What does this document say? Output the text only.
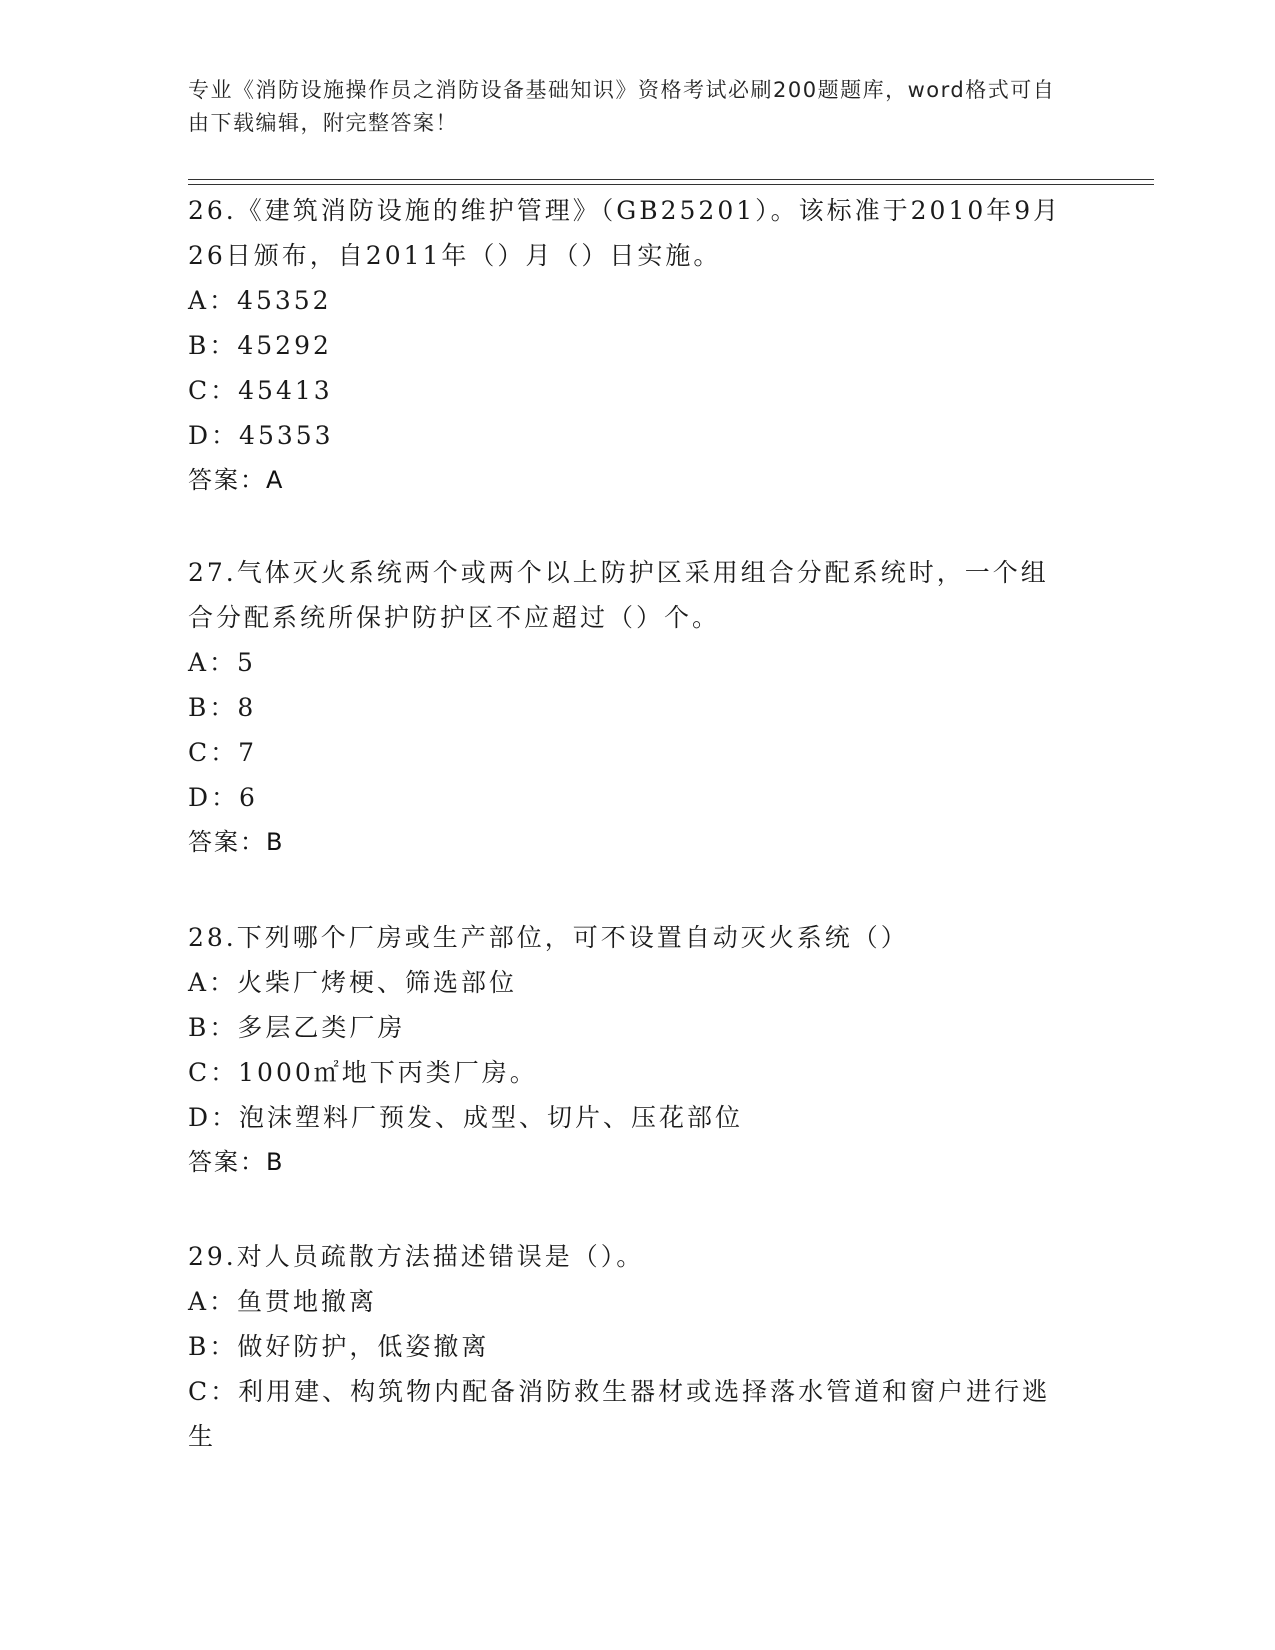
专业《消防设施操作员之消防设备基础知识》资格考试必刷200题题库，word格式可自由下载编辑，附完整答案！
26.《建筑消防设施的维护管理》（GB25201）。该标准于2010年9月26日颁布，自2011年（）月（）日实施。
A：45352
B：45292
C：45413
D：45353
答案：A
27.气体灭火系统两个或两个以上防护区采用组合分配系统时，一个组合分配系统所保护防护区不应超过（）个。
A：5
B：8
C：7
D：6
答案：B
28.下列哪个厂房或生产部位，可不设置自动灭火系统（）
A：火柴厂烤梗、筛选部位
B：多层乙类厂房
C：1000㎡地下丙类厂房。
D：泡沫塑料厂预发、成型、切片、压花部位
答案：B
29.对人员疏散方法描述错误是（）。
A：鱼贯地撤离
B：做好防护，低姿撤离
C：利用建、构筑物内配备消防救生器材或选择落水管道和窗户进行逃生
